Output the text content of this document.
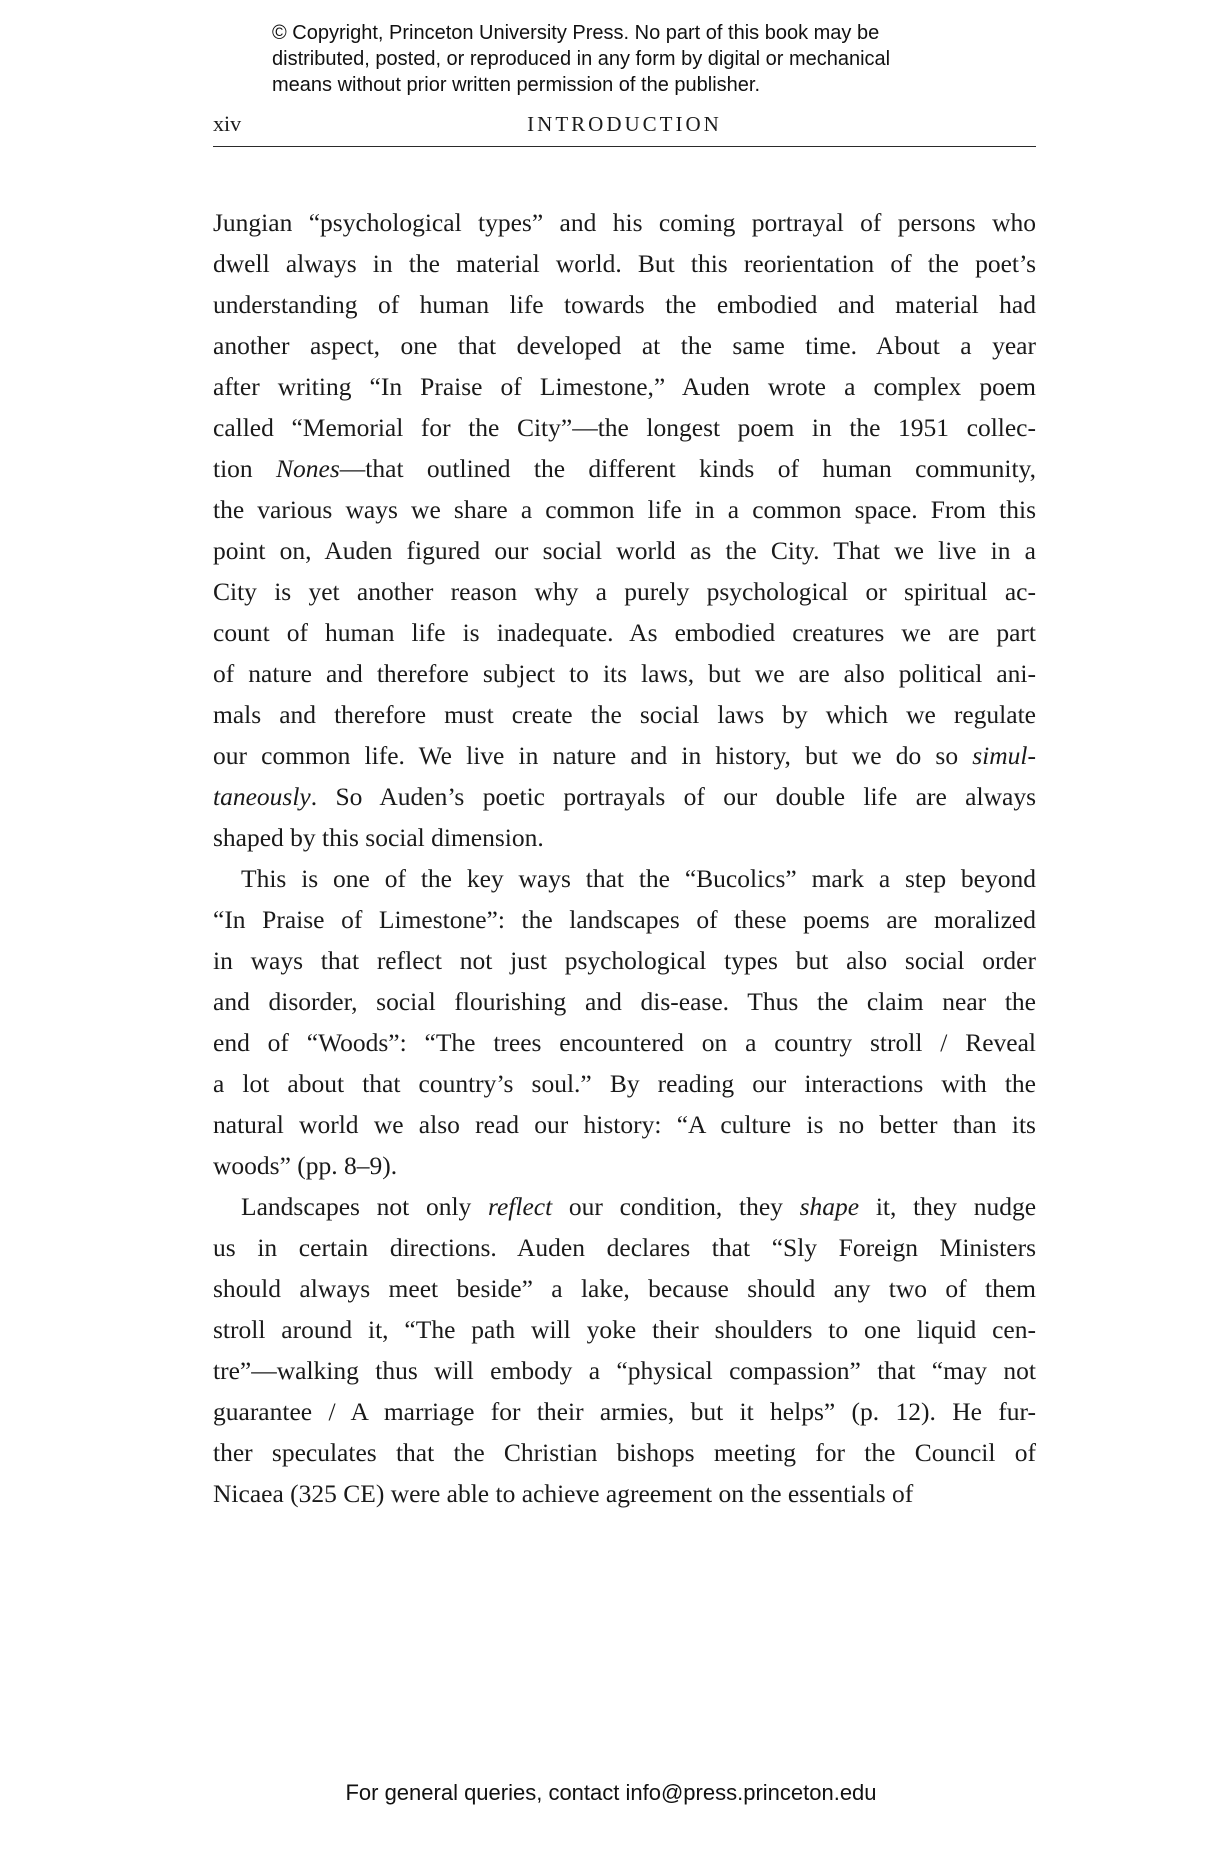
© Copyright, Princeton University Press. No part of this book may be
distributed, posted, or reproduced in any form by digital or mechanical
means without prior written permission of the publisher.
xiv	INTRODUCTION
Jungian “psychological types” and his coming portrayal of persons who
dwell always in the material world. But this reorientation of the poet’s
understanding of human life towards the embodied and material had
another aspect, one that developed at the same time. About a year
after writing “In Praise of Limestone,” Auden wrote a complex poem
called “Memorial for the City”—the longest poem in the 1951 collec-
tion Nones—that outlined the different kinds of human community,
the various ways we share a common life in a common space. From this
point on, Auden figured our social world as the City. That we live in a
City is yet another reason why a purely psychological or spiritual ac-
count of human life is inadequate. As embodied creatures we are part
of nature and therefore subject to its laws, but we are also political ani-
mals and therefore must create the social laws by which we regulate
our common life. We live in nature and in history, but we do so simul-
taneously. So Auden’s poetic portrayals of our double life are always
shaped by this social dimension.
This is one of the key ways that the “Bucolics” mark a step beyond
“In Praise of Limestone”: the landscapes of these poems are moralized
in ways that reflect not just psychological types but also social order
and disorder, social flourishing and dis-ease. Thus the claim near the
end of “Woods”: “The trees encountered on a country stroll / Reveal
a lot about that country’s soul.” By reading our interactions with the
natural world we also read our history: “A culture is no better than its
woods” (pp. 8–9).
Landscapes not only reflect our condition, they shape it, they nudge
us in certain directions. Auden declares that “Sly Foreign Ministers
should always meet beside” a lake, because should any two of them
stroll around it, “The path will yoke their shoulders to one liquid cen-
tre”—walking thus will embody a “physical compassion” that “may not
guarantee / A marriage for their armies, but it helps” (p. 12). He fur-
ther speculates that the Christian bishops meeting for the Council of
Nicaea (325 CE) were able to achieve agreement on the essentials of
For general queries, contact info@press.princeton.edu
